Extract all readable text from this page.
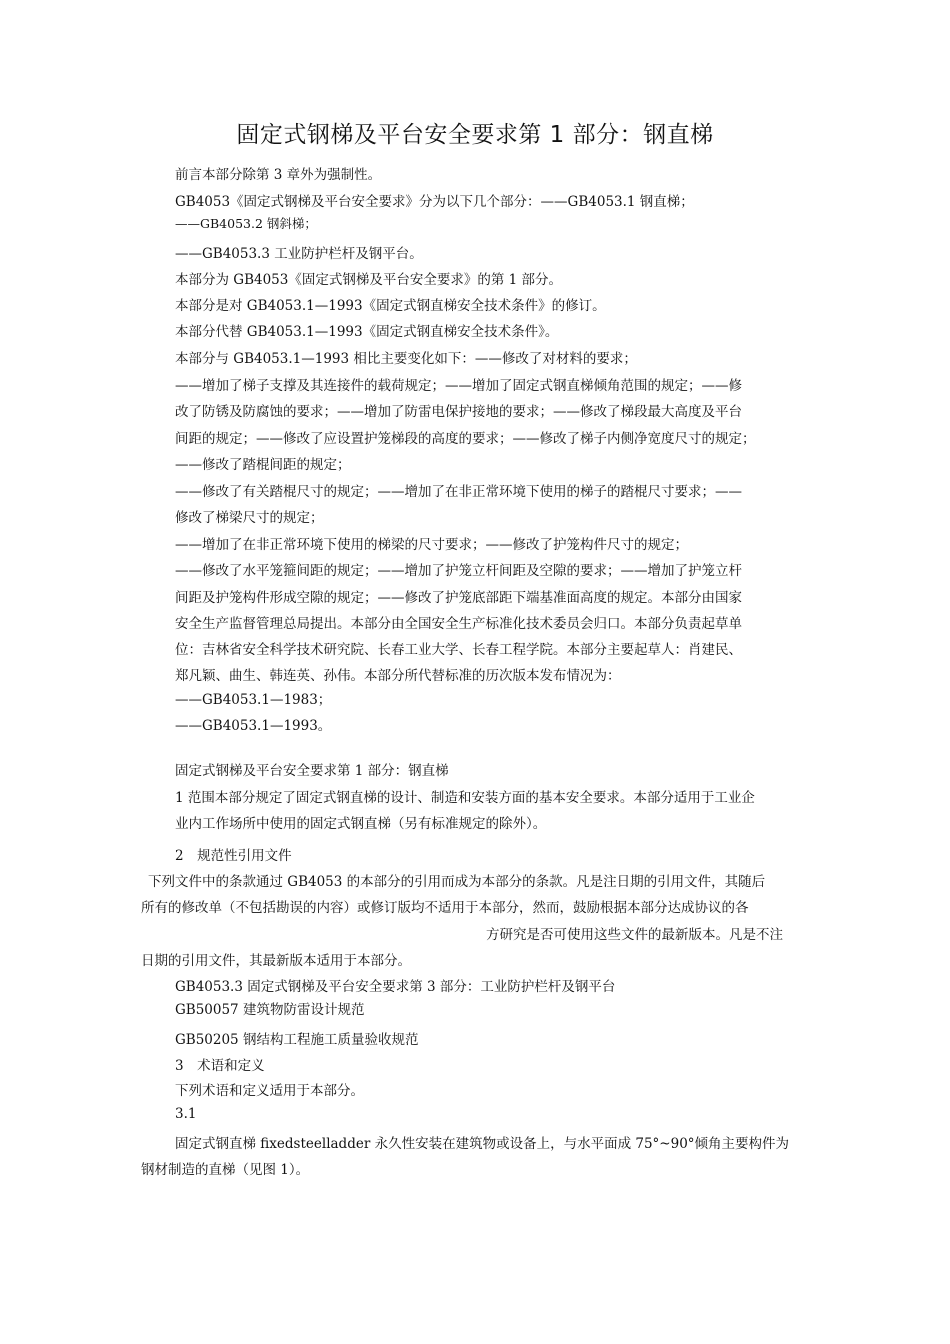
固定式钢梯及平台安全要求第 1 部分：钢直梯
前言本部分除第 3 章外为强制性。
GB4053《固定式钢梯及平台安全要求》分为以下几个部分：——GB4053.1 钢直梯；
——GB4053.2 钢斜梯；
——GB4053.3 工业防护栏杆及钢平台。
本部分为 GB4053《固定式钢梯及平台安全要求》的第 1 部分。
本部分是对 GB4053.1—1993《固定式钢直梯安全技术条件》的修订。
本部分代替 GB4053.1—1993《固定式钢直梯安全技术条件》。
本部分与 GB4053.1—1993 相比主要变化如下：——修改了对材料的要求；
——增加了梯子支撑及其连接件的载荷规定；——增加了固定式钢直梯倾角范围的规定；——修
改了防锈及防腐蚀的要求；——增加了防雷电保护接地的要求；——修改了梯段最大高度及平台
间距的规定；——修改了应设置护笼梯段的高度的要求；——修改了梯子内侧净宽度尺寸的规定；
——修改了踏棍间距的规定；
——修改了有关踏棍尺寸的规定；——增加了在非正常环境下使用的梯子的踏棍尺寸要求；——
修改了梯梁尺寸的规定；
——增加了在非正常环境下使用的梯梁的尺寸要求；——修改了护笼构件尺寸的规定；
——修改了水平笼箍间距的规定；——增加了护笼立杆间距及空隙的要求；——增加了护笼立杆
间距及护笼构件形成空隙的规定；——修改了护笼底部距下端基准面高度的规定。本部分由国家
安全生产监督管理总局提出。本部分由全国安全生产标准化技术委员会归口。本部分负责起草单
位：吉林省安全科学技术研究院、长春工业大学、长春工程学院。本部分主要起草人：肖建民、
郑凡颖、曲生、韩连英、孙伟。本部分所代替标准的历次版本发布情况为：
——GB4053.1—1983；
——GB4053.1—1993。
固定式钢梯及平台安全要求第 1 部分：钢直梯
1 范围本部分规定了固定式钢直梯的设计、制造和安装方面的基本安全要求。本部分适用于工业企
业内工作场所中使用的固定式钢直梯（另有标准规定的除外）。
2　规范性引用文件
下列文件中的条款通过 GB4053 的本部分的引用而成为本部分的条款。凡是注日期的引用文件，其随后
所有的修改单（不包括勘误的内容）或修订版均不适用于本部分，然而，鼓励根据本部分达成协议的各
方研究是否可使用这些文件的最新版本。凡是不注
日期的引用文件，其最新版本适用于本部分。
GB4053.3 固定式钢梯及平台安全要求第 3 部分：工业防护栏杆及钢平台
GB50057 建筑物防雷设计规范
GB50205 钢结构工程施工质量验收规范
3　术语和定义
下列术语和定义适用于本部分。
3.1
固定式钢直梯 fixedsteelladder 永久性安装在建筑物或设备上，与水平面成 75°~90°倾角主要构件为
钢材制造的直梯（见图 1）。
